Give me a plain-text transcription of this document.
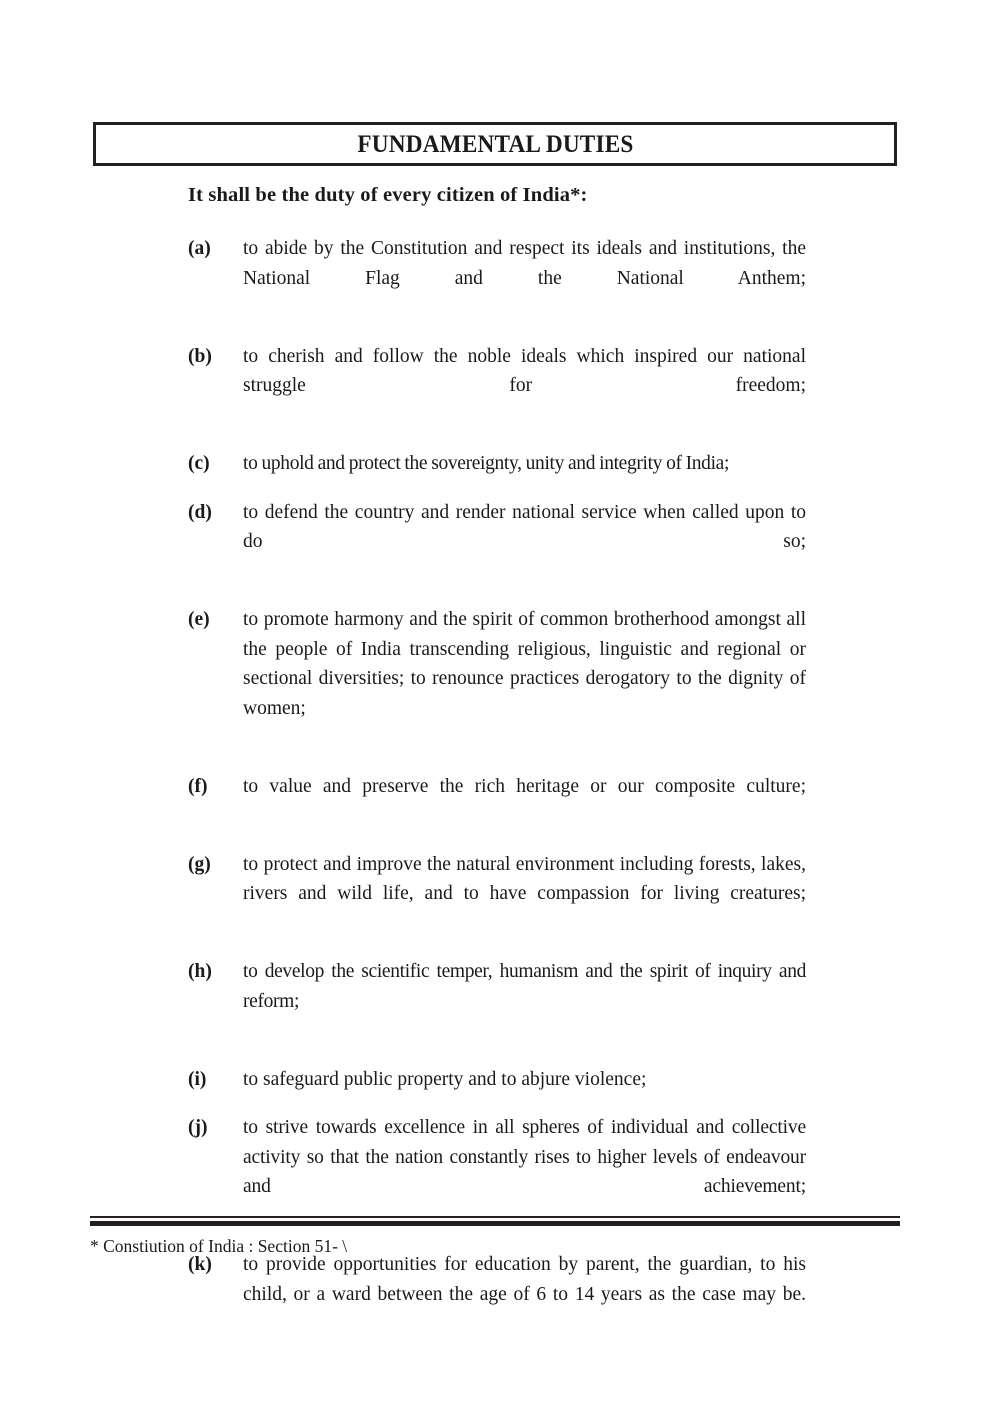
FUNDAMENTAL DUTIES
It shall be the duty of every citizen of India*:
(a) to abide by the Constitution and respect its ideals and institutions, the National Flag and the National Anthem;
(b) to cherish and follow the noble ideals which inspired our national struggle for freedom;
(c) to uphold and protect the sovereignty, unity and integrity of India;
(d) to defend the country and render national service when called upon to do so;
(e) to promote harmony and the spirit of common brotherhood amongst all the people of India transcending religious, linguistic and regional or sectional diversities; to renounce practices derogatory to the dignity of women;
(f) to value and preserve the rich heritage or our composite culture;
(g) to protect and improve the natural environment including forests, lakes, rivers and wild life, and to have compassion for living creatures;
(h) to develop the scientific temper, humanism and the spirit of inquiry and reform;
(i) to safeguard public property and to abjure violence;
(j) to strive towards excellence in all spheres of individual and collective activity so that the nation constantly rises to higher levels of endeavour and achievement;
(k) to provide opportunities for education by parent, the guardian, to his child, or a ward between the age of 6 to 14 years as the case may be.
* Constiution of India : Section 51- \
